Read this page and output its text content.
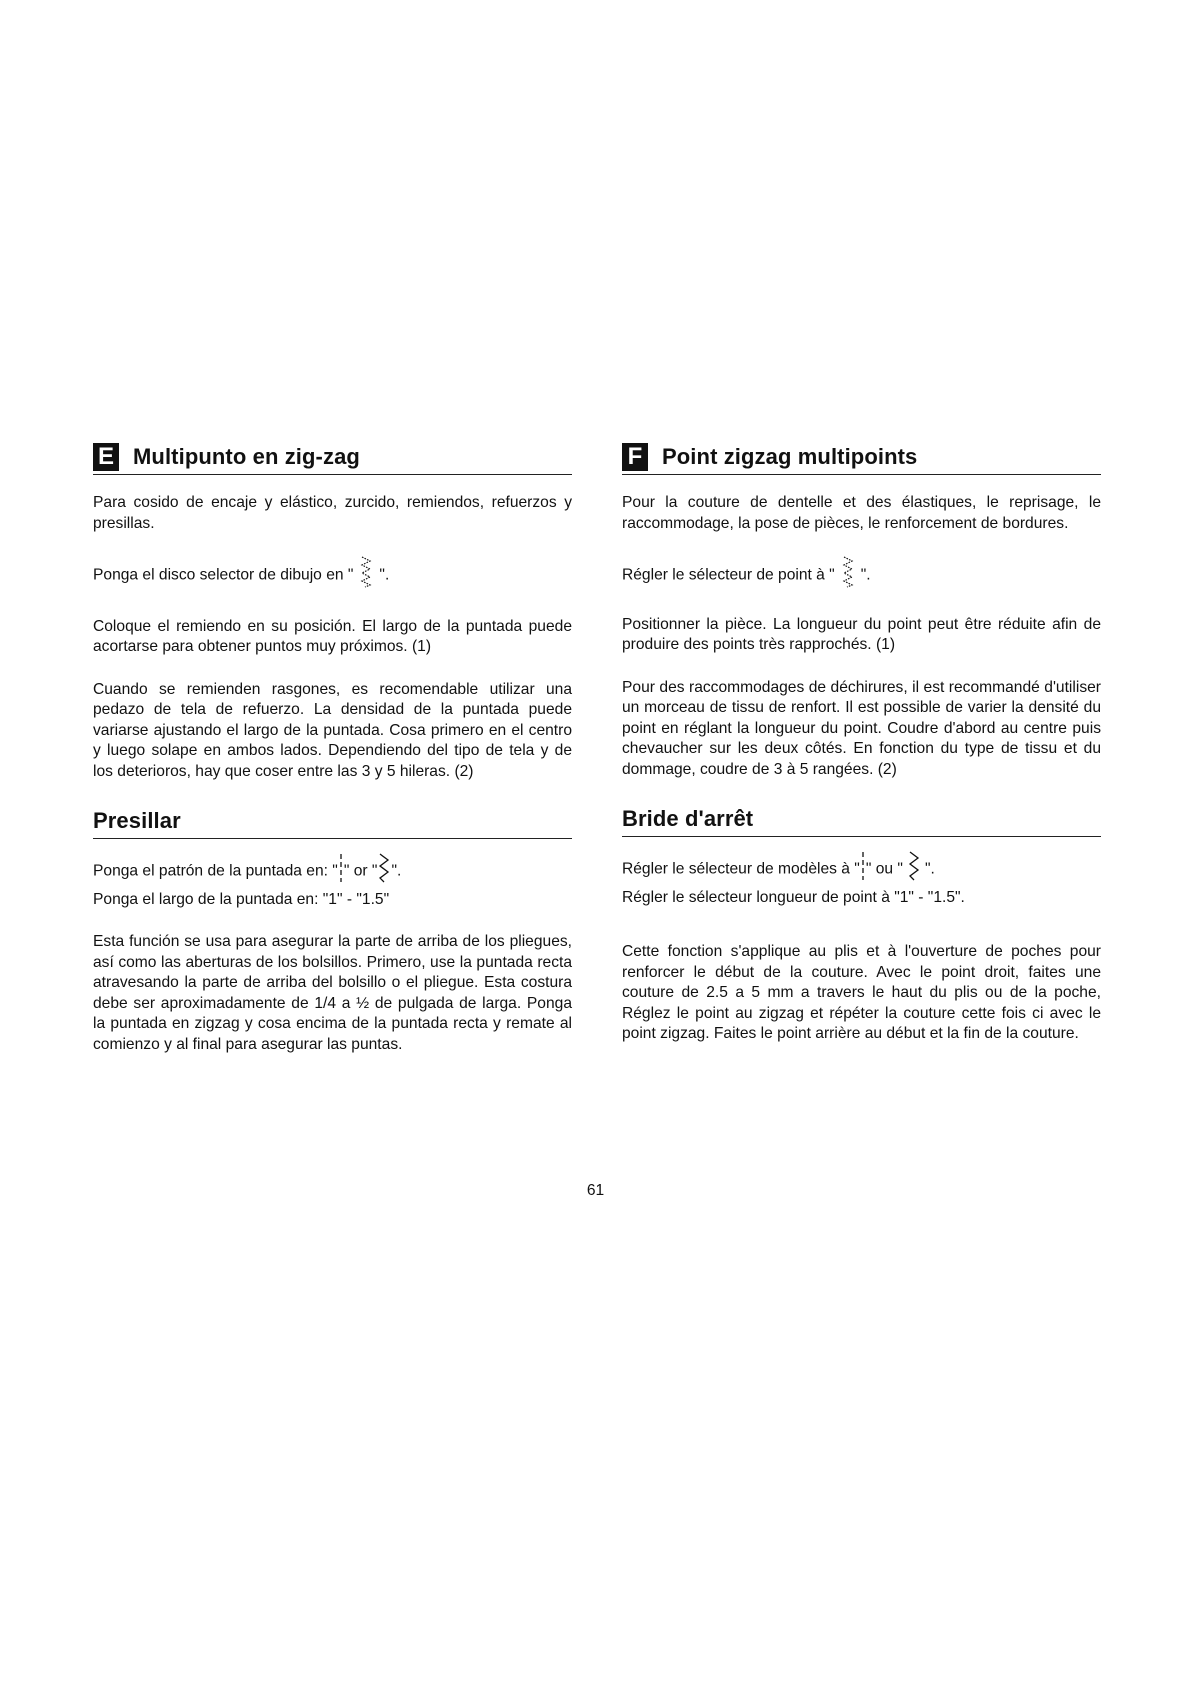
E Multipunto en zig-zag

Para cosido de encaje y elástico, zurcido, remiendos, refuerzos y presillas.

Ponga el disco selector de dibujo en " ".

Coloque el remiendo en su posición. El largo de la puntada puede acortarse para obtener puntos muy próximos. (1)

Cuando se remienden rasgones, es recomendable utilizar una pedazo de tela de refuerzo. La densidad de la puntada puede variarse ajustando el largo de la puntada. Cosa primero en el centro y luego solape en ambos lados. Dependiendo del tipo de tela y de los deterioros, hay que coser entre las 3 y 5 hileras. (2)

Presillar

Ponga el patrón de la puntada en: " " or " ".
Ponga el largo de la puntada en: "1" - "1.5"

Esta función se usa para asegurar la parte de arriba de los pliegues, así como las aberturas de los bolsillos. Primero, use la puntada recta atravesando la parte de arriba del bolsillo o el pliegue. Esta costura debe ser aproximadamente de 1/4 a ½ de pulgada de larga. Ponga la puntada en zigzag y cosa encima de la puntada recta y remate al comienzo y al final para asegurar las puntas.

F Point zigzag multipoints

Pour la couture de dentelle et des élastiques, le reprisage, le raccommodage, la pose de pièces, le renforcement de bordures.

Régler le sélecteur de point à " ".

Positionner la pièce. La longueur du point peut être réduite afin de produire des points très rapprochés. (1)

Pour des raccommodages de déchirures, il est recommandé d'utiliser un morceau de tissu de renfort. Il est possible de varier la densité du point en réglant la longueur du point. Coudre d'abord au centre puis chevaucher sur les deux côtés. En fonction du type de tissu et du dommage, coudre de 3 à 5 rangées. (2)

Bride d'arrêt

Régler le sélecteur de modèles à " " ou " ".
Régler le sélecteur longueur de point à "1" - "1.5".

Cette fonction s'applique au plis et à l'ouverture de poches pour renforcer le début de la couture. Avec le point droit, faites une couture de 2.5 a 5 mm a travers le haut du plis ou de la poche, Réglez le point au zigzag et répéter la couture cette fois ci avec le point zigzag. Faites le point arrière au début et la fin de la couture.

61
